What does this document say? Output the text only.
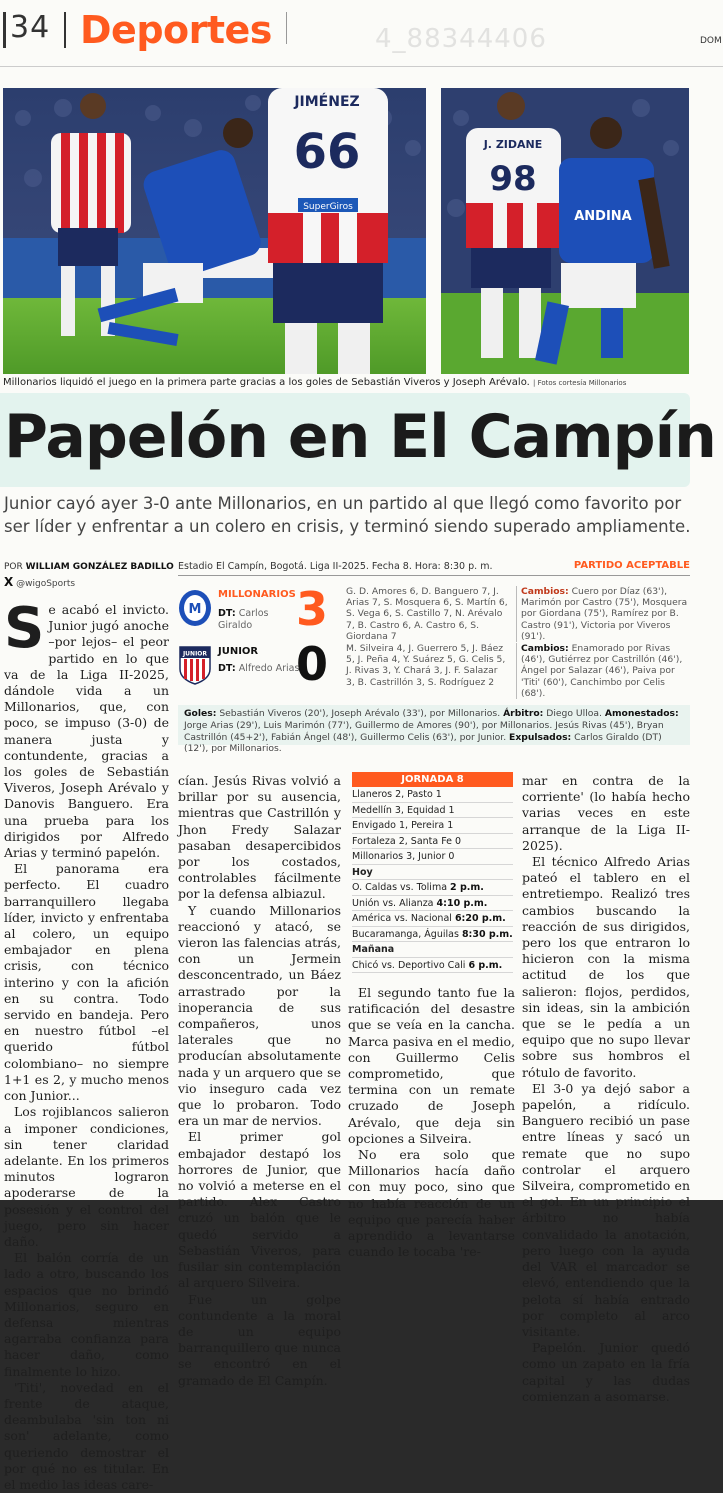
34 Deportes	4_88344406	DOM
JIMÉNEZ
66
SuperGiros
J. ZIDANE
98
ANDINA
Millonarios liquidó el juego en la primera parte gracias a los goles de Sebastián Viveros y Joseph Arévalo. | Fotos cortesía Millonarios
Papelón en El Campín
Junior cayó ayer 3-0 ante Millonarios, en un partido al que llegó como favorito por ser líder y enfrentar a un colero en crisis, y terminó siendo superado ampliamente.
POR WILLIAM GONZÁLEZ BADILLO
X @wigoSports

Se acabó el invicto. Junior jugó anoche –por lejos– el peor partido en lo que va de la Liga II-2025, dándole vida a un Millonarios, que, con poco, se impuso (3-0) de manera justa y contundente, gracias a los goles de Sebastián Viveros, Joseph Arévalo y Danovis Banguero. Era una prueba para los dirigidos por Alfredo Arias y terminó papelón.

El panorama era perfecto. El cuadro barranquillero llegaba líder, invicto y enfrentaba al colero, un equipo embajador en plena crisis, con técnico interino y con la afición en su contra. Todo servido en bandeja. Pero en nuestro fútbol –el querido fútbol colombiano– no siempre 1+1 es 2, y mucho menos con Junior...

Los rojiblancos salieron a imponer condiciones, sin tener claridad adelante. En los primeros minutos lograron apoderarse de la posesión y el control del juego, pero sin hacer daño.

El balón corría de un lado a otro, buscando los espacios que no brindó Millonarios, seguro en defensa mientras agarraba confianza para hacer daño, como finalmente lo hizo.

'Titi', novedad en el frente de ataque, deambulaba 'sin ton ni son' adelante, como queriendo demostrar el por qué no es titular. En el medio las ideas care-

Estadio El Campín, Bogotá. Liga II-2025. Fecha 8. Hora: 8:30 p. m.	PARTIDO ACEPTABLE
M
MILLONARIOS
DT: Carlos Giraldo 3 G. D. Amores 6, D. Banguero 7, J. Arias 7, S. Mosquera 6, S. Martín 6, S. Vega 6, S. Castillo 7, N. Arévalo 7, B. Castro 6, A. Castro 6, S. Giordana 7
Cambios: Cuero por Díaz (63'), Marimón por Castro (75'), Mosquera por Giordana (75'), Ramírez por B. Castro (91'), Victoria por Viveros (91').
JUNIOR JUNIOR
DT: Alfredo Arias
0 M. Silveira 4, J. Guerrero 5, J. Báez 5, J. Peña 4, Y. Suárez 5, G. Celis 5, J. Rivas 3, Y. Chará 3, J. F. Salazar 3, B. Castrillón 3, S. Rodríguez 2
Cambios: Enamorado por Rivas (46'), Gutiérrez por Castrillón (46'), Ángel por Salazar (46'), Paiva por 'Titi' (60'), Canchimbo por Celis (68').
Goles: Sebastián Viveros (20'), Joseph Arévalo (33'), por Millonarios. Árbitro: Diego Ulloa. Amonestados: Jorge Arias (29'), Luis Marimón (77'), Guillermo de Amores (90'), por Millonarios. Jesús Rivas (45'), Bryan Castrillón (45+2'), Fabián Ángel (48'), Guillermo Celis (63'), por Junior. Expulsados: Carlos Giraldo (DT) (12'), por Millonarios.

cían. Jesús Rivas volvió a brillar por su ausencia, mientras que Castrillón y Jhon Fredy Salazar pasaban desapercibidos por los costados, controlables fácilmente por la defensa albiazul.

Y cuando Millonarios reaccionó y atacó, se vieron las falencias atrás, con un Jermein desconcentrado, un Báez arrastrado por la inoperancia de sus compañeros, unos laterales que no producían absolutamente nada y un arquero que se vio inseguro cada vez que lo probaron. Todo era un mar de nervios.

El primer gol embajador destapó los horrores de Junior, que no volvió a meterse en el partido. Alex Castro cruzó un balón que le quedó servido a Sebastián Viveros, para fusilar sin contemplación al arquero Silveira.

Fue un golpe contundente a la moral de un equipo barranquillero que nunca se encontró en el gramado de El Campín.

JORNADA 8
Llaneros 2, Pasto 1
Medellín 3, Equidad 1
Envigado 1, Pereira 1
Fortaleza 2, Santa Fe 0
Millonarios 3, Junior 0
Hoy
O. Caldas vs. Tolima 2 p.m.
Unión vs. Alianza 4:10 p.m.
América vs. Nacional 6:20 p.m.
Bucaramanga, Águilas 8:30 p.m.
Mañana
Chicó vs. Deportivo Cali 6 p.m.

El segundo tanto fue la ratificación del desastre que se veía en la cancha. Marca pasiva en el medio, con Guillermo Celis comprometido, que termina con un remate cruzado de Joseph Arévalo, que deja sin opciones a Silveira.

No era solo que Millonarios hacía daño con muy poco, sino que no había reacción de un equipo que parecía haber aprendido a levantarse cuando le tocaba 're-

mar en contra de la corriente' (lo había hecho varias veces en este arranque de la Liga II-2025).

El técnico Alfredo Arias pateó el tablero en el entretiempo. Realizó tres cambios buscando la reacción de sus dirigidos, pero los que entraron lo hicieron con la misma actitud de los que salieron: flojos, perdidos, sin ideas, sin la ambición que se le pedía a un equipo que no supo llevar sobre sus hombros el rótulo de favorito.

El 3-0 ya dejó sabor a papelón, a ridículo. Banguero recibió un pase entre líneas y sacó un remate que no supo controlar el arquero Silveira, comprometido en el gol. En un principio el árbitro no había convalidado la anotación, pero luego con la ayuda del VAR el marcador se elevó, entendiendo que la pelota sí había entrado por completo al arco visitante.

Papelón. Junior quedó como un zapato en la fría capital y las dudas comienzan a asomarse.
